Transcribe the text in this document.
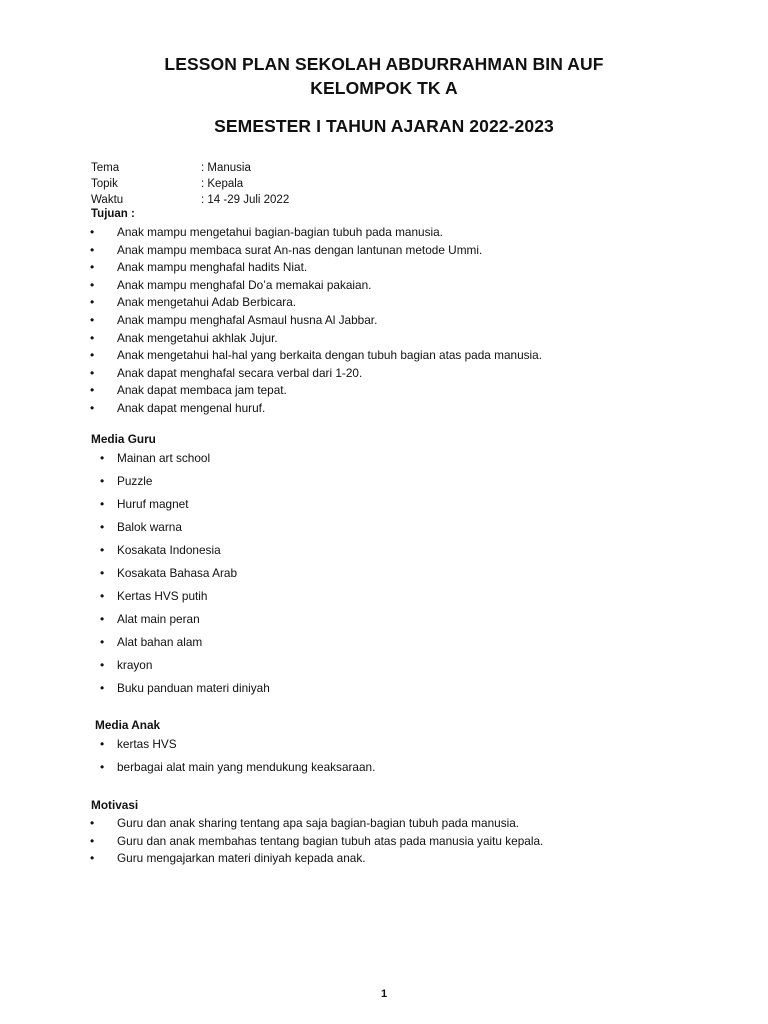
LESSON PLAN SEKOLAH ABDURRAHMAN BIN AUF
KELOMPOK TK A
SEMESTER I TAHUN AJARAN 2022-2023
Tema	: Manusia
Topik	: Kepala
Waktu	: 14 -29 Juli 2022
Tujuan :
• Anak mampu mengetahui bagian-bagian tubuh pada manusia.
• Anak mampu membaca surat An-nas dengan lantunan metode Ummi.
• Anak mampu menghafal hadits Niat.
• Anak mampu menghafal Do’a memakai pakaian.
• Anak mengetahui Adab Berbicara.
• Anak mampu menghafal Asmaul husna Al Jabbar.
• Anak mengetahui akhlak Jujur.
• Anak mengetahui hal-hal yang berkaita dengan tubuh bagian atas pada manusia.
• Anak dapat menghafal secara verbal dari 1-20.
• Anak dapat membaca jam tepat.
• Anak dapat mengenal huruf.
Media Guru
• Mainan art school
• Puzzle
• Huruf magnet
• Balok warna
• Kosakata Indonesia
• Kosakata Bahasa Arab
• Kertas HVS putih
• Alat main peran
• Alat bahan alam
• krayon
• Buku panduan materi diniyah
Media Anak
• kertas HVS
• berbagai alat main yang mendukung keaksaraan.
Motivasi
• Guru dan anak sharing tentang apa saja bagian-bagian tubuh pada manusia.
• Guru dan anak membahas tentang bagian tubuh atas pada manusia yaitu kepala.
• Guru mengajarkan materi diniyah kepada anak.
1
